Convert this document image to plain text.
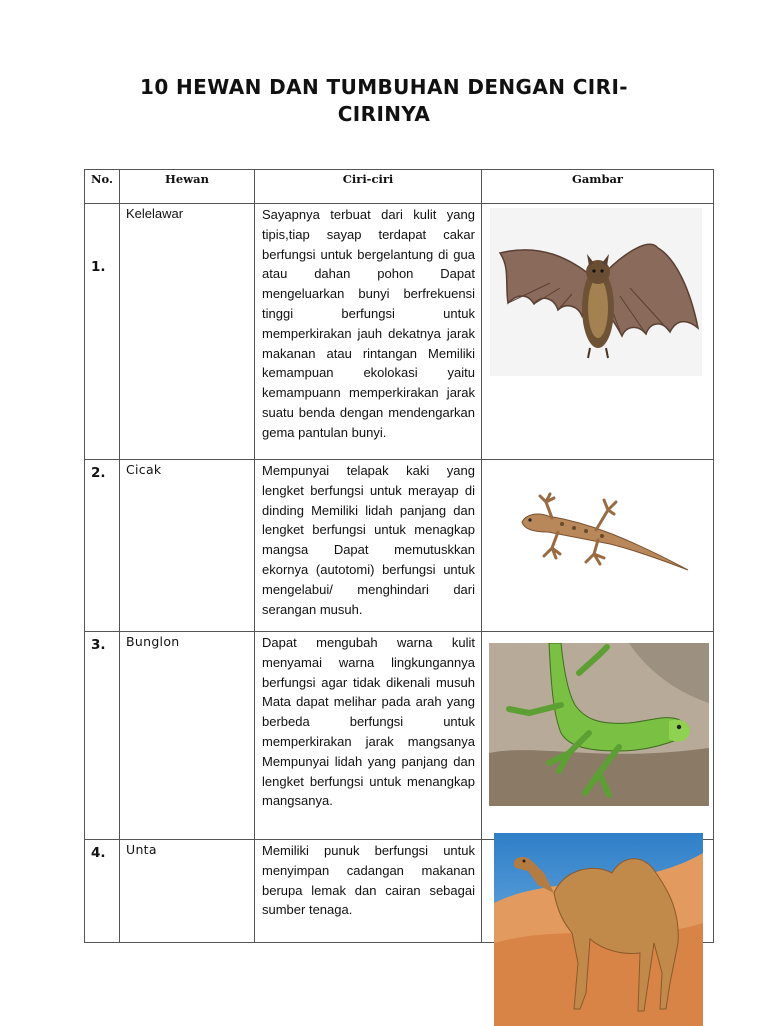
10 HEWAN DAN TUMBUHAN DENGAN CIRI-
CIRINYA
No.	Hewan	Ciri-ciri	Gambar

1.	Kelelawar	Sayapnya terbuat dari kulit yang tipis,tiap sayap terdapat cakar berfungsi untuk bergelantung di gua atau dahan pohon Dapat mengeluarkan bunyi berfrekuensi tinggi berfungsi untuk memperkirakan jauh dekatnya jarak makanan atau rintangan Memiliki kemampuan ekolokasi yaitu kemampuann memperkirakan jarak suatu benda dengan mendengarkan gema pantulan bunyi.	

2.	Cicak	Mempunyai telapak kaki yang lengket berfungsi untuk merayap di dinding Memiliki lidah panjang dan lengket berfungsi untuk menagkap mangsa Dapat memutuskkan ekornya (autotomi) berfungsi untuk mengelabui/ menghindari dari serangan musuh.	

3.	Bunglon	Dapat mengubah warna kulit menyamai warna lingkungannya berfungsi agar tidak dikenali musuh Mata dapat melihar pada arah yang berbeda berfungsi untuk memperkirakan jarak mangsanya Mempunyai lidah yang panjang dan lengket berfungsi untuk menangkap mangsanya.	

4.	Unta	Memiliki punuk berfungsi untuk menyimpan cadangan makanan berupa lemak dan cairan sebagai sumber tenaga.	
